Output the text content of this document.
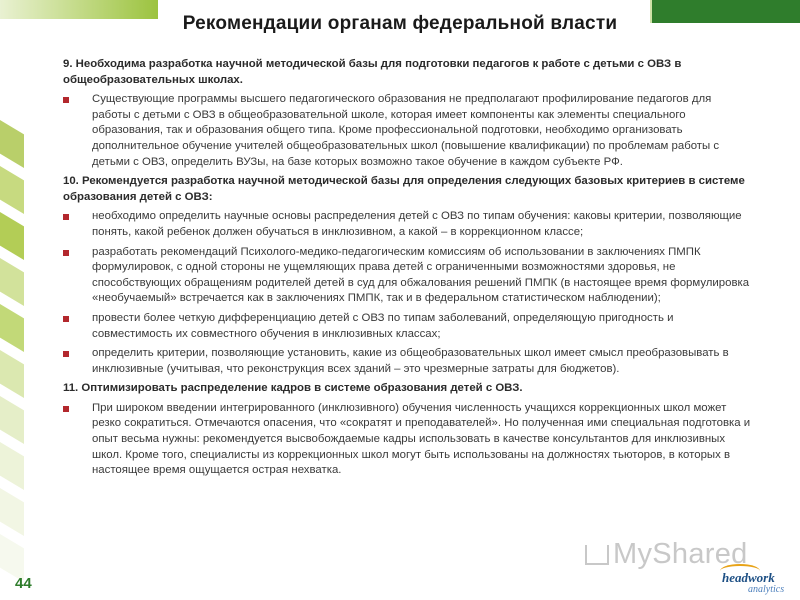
Рекомендации органам федеральной власти
9. Необходима разработка научной методической базы для подготовки педагогов к работе с детьми с ОВЗ в общеобразовательных школах.
Существующие программы высшего педагогического образования не предполагают профилирование педагогов для работы с детьми с ОВЗ в общеобразовательной школе, которая имеет компоненты как элементы специального образования, так и образования общего типа. Кроме профессиональной подготовки, необходимо организовать дополнительное обучение учителей общеобразовательных школ (повышение квалификации) по проблемам работы с детьми с ОВЗ, определить ВУЗы, на базе которых возможно такое обучение в каждом субъекте РФ.
10. Рекомендуется разработка научной методической базы для определения следующих базовых критериев в системе образования детей с ОВЗ:
необходимо определить научные основы распределения детей с ОВЗ по типам обучения: каковы критерии, позволяющие понять, какой ребенок должен обучаться в инклюзивном, а какой – в коррекционном классе;
разработать рекомендаций Психолого-медико-педагогическим комиссиям об использовании в заключениях ПМПК формулировок, с одной стороны не ущемляющих права детей с ограниченными возможностями здоровья, не способствующих обращениям родителей детей в суд для обжалования решений ПМПК (в настоящее время формулировка «необучаемый» встречается как в заключениях ПМПК, так и в федеральном статистическом наблюдении);
провести более четкую дифференциацию детей с ОВЗ по типам заболеваний, определяющую пригодность и совместимость их совместного обучения в инклюзивных классах;
определить критерии, позволяющие установить, какие из общеобразовательных школ имеет смысл преобразовывать в инклюзивные (учитывая, что реконструкция всех зданий – это чрезмерные затраты для бюджетов).
11. Оптимизировать распределение кадров в системе образования детей с ОВЗ.
При широком введении интегрированного (инклюзивного) обучения численность учащихся коррекционных школ может резко сократиться. Отмечаются опасения, что «сократят и преподавателей». Но полученная ими специальная подготовка и опыт весьма нужны: рекомендуется высвобождаемые кадры использовать в качестве консультантов для инклюзивных школ. Кроме того, специалисты из коррекционных школ могут быть использованы на должностях тьюторов, в которых в настоящее время ощущается острая нехватка.
44
MyShared
headwork
analytics
